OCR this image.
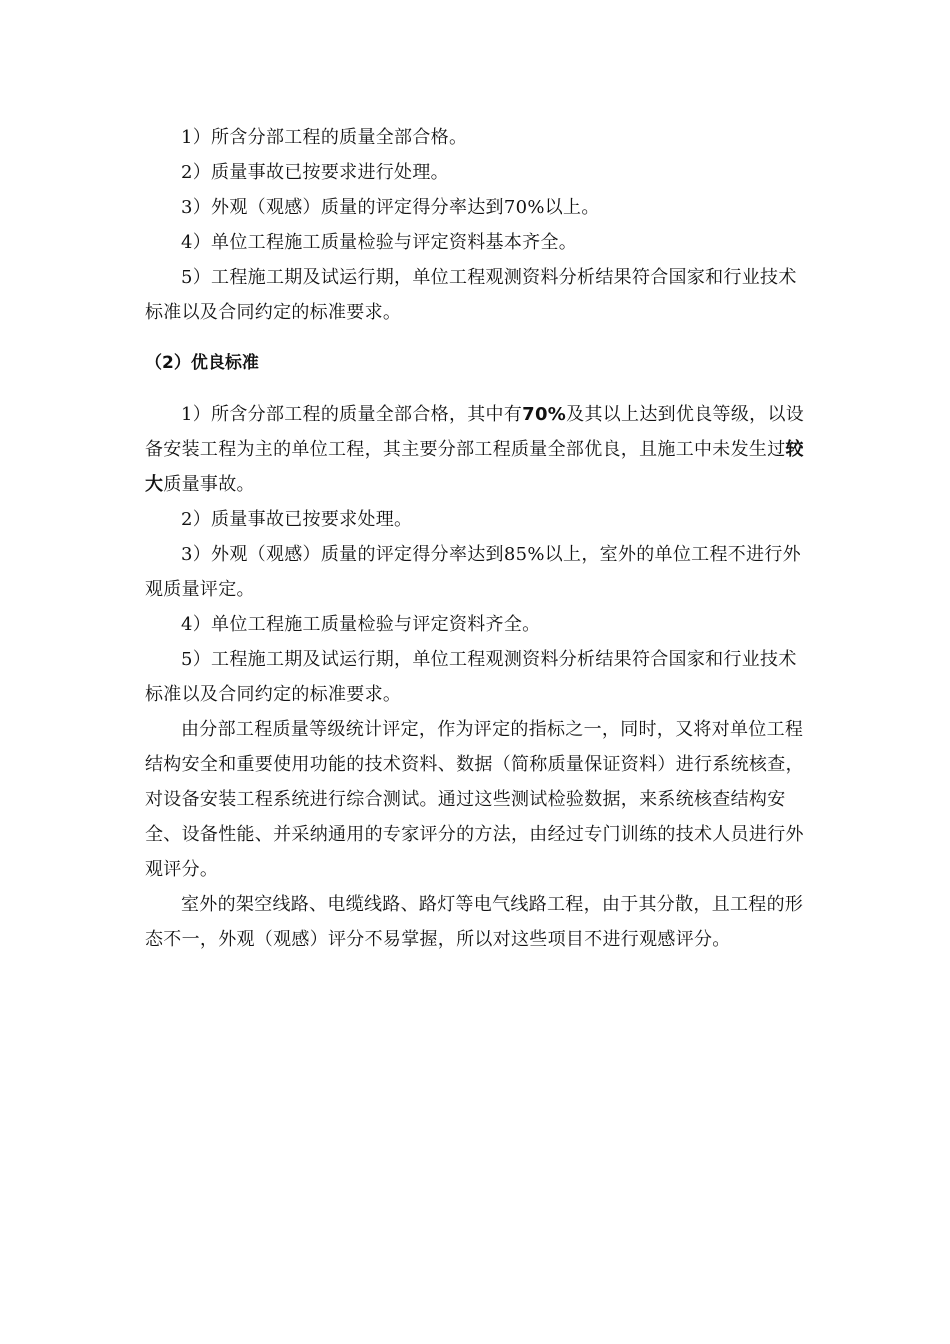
1）所含分部工程的质量全部合格。

2）质量事故已按要求进行处理。

3）外观（观感）质量的评定得分率达到70%以上。

4）单位工程施工质量检验与评定资料基本齐全。

5）工程施工期及试运行期，单位工程观测资料分析结果符合国家和行业技术标准以及合同约定的标准要求。

（2）优良标准

1）所含分部工程的质量全部合格，其中有70%及其以上达到优良等级，以设备安装工程为主的单位工程，其主要分部工程质量全部优良，且施工中未发生过较大质量事故。

2）质量事故已按要求处理。

3）外观（观感）质量的评定得分率达到85%以上，室外的单位工程不进行外观质量评定。

4）单位工程施工质量检验与评定资料齐全。

5）工程施工期及试运行期，单位工程观测资料分析结果符合国家和行业技术标准以及合同约定的标准要求。

由分部工程质量等级统计评定，作为评定的指标之一，同时，又将对单位工程结构安全和重要使用功能的技术资料、数据（简称质量保证资料）进行系统核查，对设备安装工程系统进行综合测试。通过这些测试检验数据，来系统核查结构安全、设备性能、并采纳通用的专家评分的方法，由经过专门训练的技术人员进行外观评分。

室外的架空线路、电缆线路、路灯等电气线路工程，由于其分散，且工程的形态不一，外观（观感）评分不易掌握，所以对这些项目不进行观感评分。
